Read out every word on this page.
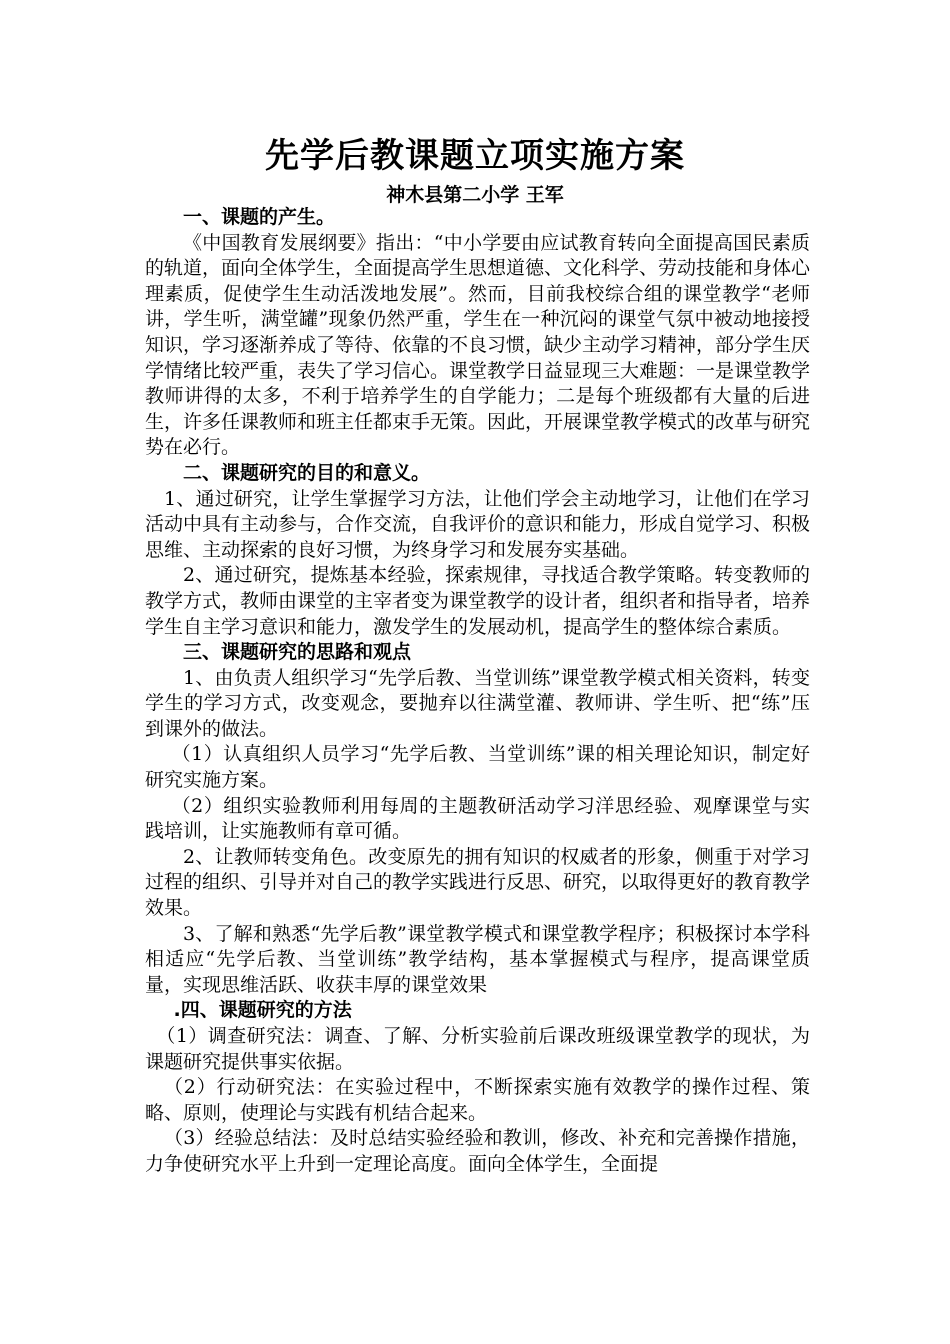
先学后教课题立项实施方案
神木县第二小学 王军

一、课题的产生。

《中国教育发展纲要》指出：“中小学要由应试教育转向全面提高国民素质的轨道，面向全体学生，全面提高学生思想道德、文化科学、劳动技能和身体心理素质，促使学生生动活泼地发展”。然而，目前我校综合组的课堂教学“老师讲，学生听，满堂罐”现象仍然严重，学生在一种沉闷的课堂气氛中被动地接授知识，学习逐渐养成了等待、依靠的不良习惯，缺少主动学习精神，部分学生厌学情绪比较严重，表失了学习信心。课堂教学日益显现三大难题：一是课堂教学教师讲得的太多，不利于培养学生的自学能力；二是每个班级都有大量的后进生，许多任课教师和班主任都束手无策。因此，开展课堂教学模式的改革与研究势在必行。

二、课题研究的目的和意义。

1、通过研究，让学生掌握学习方法，让他们学会主动地学习，让他们在学习活动中具有主动参与，合作交流，自我评价的意识和能力，形成自觉学习、积极思维、主动探索的良好习惯，为终身学习和发展夯实基础。

2、通过研究，提炼基本经验，探索规律，寻找适合教学策略。转变教师的教学方式，教师由课堂的主宰者变为课堂教学的设计者，组织者和指导者，培养学生自主学习意识和能力，激发学生的发展动机，提高学生的整体综合素质。

三、课题研究的思路和观点

1、由负责人组织学习“先学后教、当堂训练”课堂教学模式相关资料，转变学生的学习方式，改变观念，要抛弃以往满堂灌、教师讲、学生听、把“练”压到课外的做法。

（1）认真组织人员学习“先学后教、当堂训练”课的相关理论知识，制定好研究实施方案。

（2）组织实验教师利用每周的主题教研活动学习洋思经验、观摩课堂与实践培训，让实施教师有章可循。

2、让教师转变角色。改变原先的拥有知识的权威者的形象，侧重于对学习过程的组织、引导并对自己的教学实践进行反思、研究，以取得更好的教育教学效果。

3、了解和熟悉“先学后教”课堂教学模式和课堂教学程序；积极探讨本学科相适应“先学后教、当堂训练”教学结构，基本掌握模式与程序，提高课堂质量，实现思维活跃、收获丰厚的课堂效果

.四、课题研究的方法

（1）调查研究法：调查、了解、分析实验前后课改班级课堂教学的现状，为课题研究提供事实依据。

（2）行动研究法：在实验过程中，不断探索实施有效教学的操作过程、策略、原则，使理论与实践有机结合起来。

（3）经验总结法：及时总结实验经验和教训，修改、补充和完善操作措施，力争使研究水平上升到一定理论高度。面向全体学生，全面提
